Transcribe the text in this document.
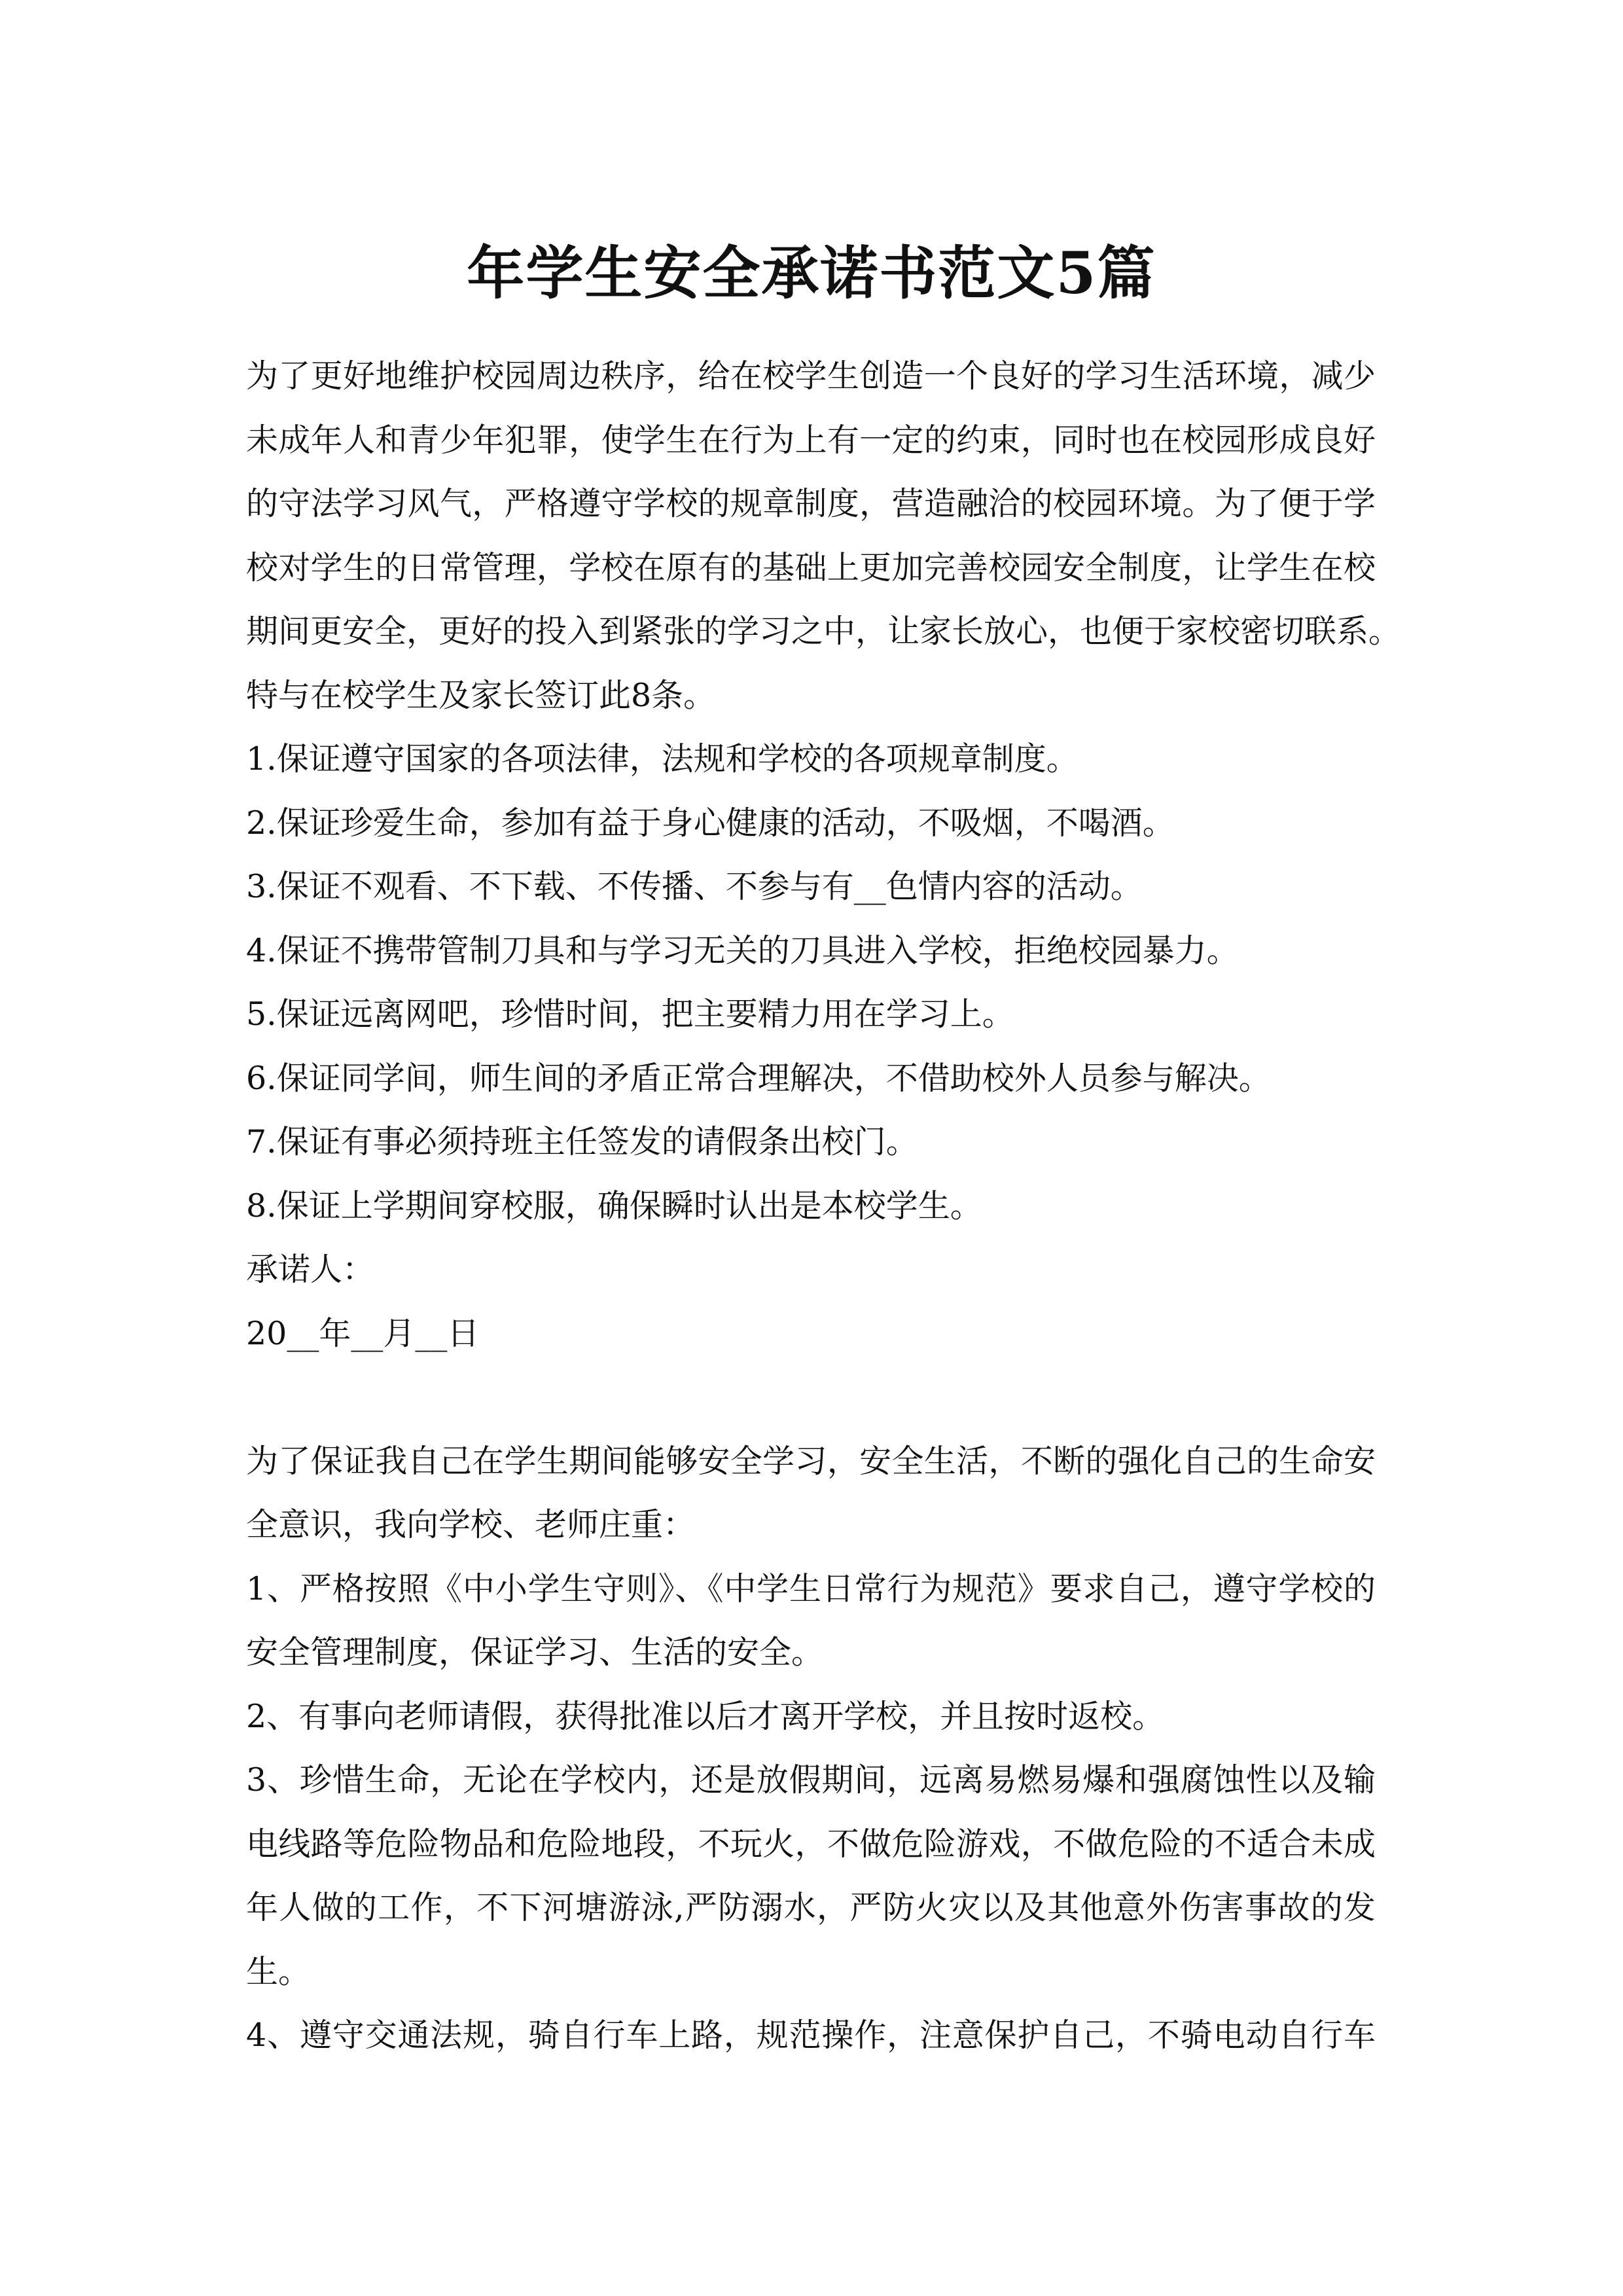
年学生安全承诺书范文5篇
为了更好地维护校园周边秩序，给在校学生创造一个良好的学习生活环境，减少
未成年人和青少年犯罪，使学生在行为上有一定的约束，同时也在校园形成良好
的守法学习风气，严格遵守学校的规章制度，营造融洽的校园环境。为了便于学
校对学生的日常管理，学校在原有的基础上更加完善校园安全制度，让学生在校
期间更安全，更好的投入到紧张的学习之中，让家长放心，也便于家校密切联系。
特与在校学生及家长签订此8条。
1.保证遵守国家的各项法律，法规和学校的各项规章制度。
2.保证珍爱生命，参加有益于身心健康的活动，不吸烟，不喝酒。
3.保证不观看、不下载、不传播、不参与有__色情内容的活动。
4.保证不携带管制刀具和与学习无关的刀具进入学校，拒绝校园暴力。
5.保证远离网吧，珍惜时间，把主要精力用在学习上。
6.保证同学间，师生间的矛盾正常合理解决，不借助校外人员参与解决。
7.保证有事必须持班主任签发的请假条出校门。
8.保证上学期间穿校服，确保瞬时认出是本校学生。
承诺人：
20__年__月__日
为了保证我自己在学生期间能够安全学习，安全生活，不断的强化自己的生命安
全意识，我向学校、老师庄重：
1、严格按照《中小学生守则》、《中学生日常行为规范》要求自己，遵守学校的
安全管理制度，保证学习、生活的安全。
2、有事向老师请假，获得批准以后才离开学校，并且按时返校。
3、珍惜生命，无论在学校内，还是放假期间，远离易燃易爆和强腐蚀性以及输
电线路等危险物品和危险地段，不玩火，不做危险游戏，不做危险的不适合未成
年人做的工作，不下河塘游泳,严防溺水，严防火灾以及其他意外伤害事故的发
生。
4、遵守交通法规，骑自行车上路，规范操作，注意保护自己，不骑电动自行车
